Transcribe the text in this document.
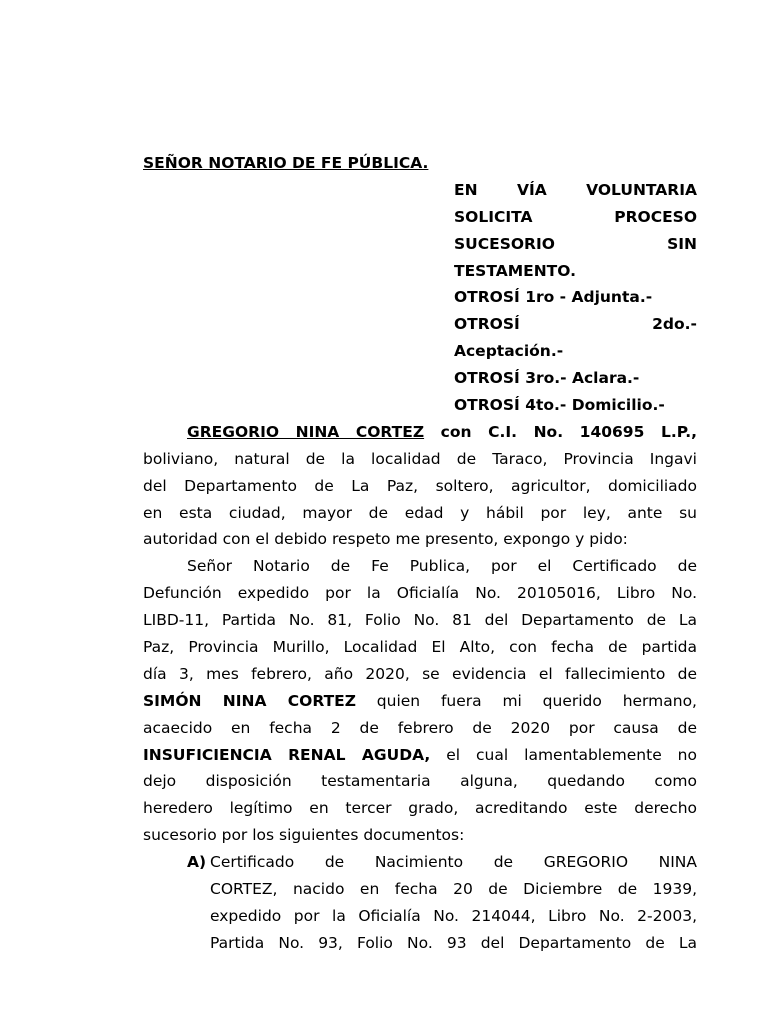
SEÑOR NOTARIO DE FE PÚBLICA.
EN VÍA VOLUNTARIA
SOLICITA PROCESO
SUCESORIO SIN
TESTAMENTO.
OTROSÍ 1ro - Adjunta.-
OTROSÍ 2do.-
Aceptación.-
OTROSÍ 3ro.- Aclara.-
OTROSÍ 4to.- Domicilio.-
GREGORIO NINA CORTEZ con C.I. No. 140695 L.P.,
boliviano, natural de la localidad de Taraco, Provincia Ingavi
del Departamento de La Paz, soltero, agricultor, domiciliado
en esta ciudad, mayor de edad y hábil por ley, ante su
autoridad con el debido respeto me presento, expongo y pido:
Señor Notario de Fe Publica, por el Certificado de
Defunción expedido por la Oficialía No. 20105016, Libro No.
LIBD-11, Partida No. 81, Folio No. 81 del Departamento de La
Paz, Provincia Murillo, Localidad El Alto, con fecha de partida
día 3, mes febrero, año 2020, se evidencia el fallecimiento de
SIMÓN NINA CORTEZ quien fuera mi querido hermano,
acaecido en fecha 2 de febrero de 2020 por causa de
INSUFICIENCIA RENAL AGUDA, el cual lamentablemente no
dejo disposición testamentaria alguna, quedando como
heredero legítimo en tercer grado, acreditando este derecho
sucesorio por los siguientes documentos:
A) Certificado de Nacimiento de GREGORIO NINA
CORTEZ, nacido en fecha 20 de Diciembre de 1939,
expedido por la Oficialía No. 214044, Libro No. 2-2003,
Partida No. 93, Folio No. 93 del Departamento de La
